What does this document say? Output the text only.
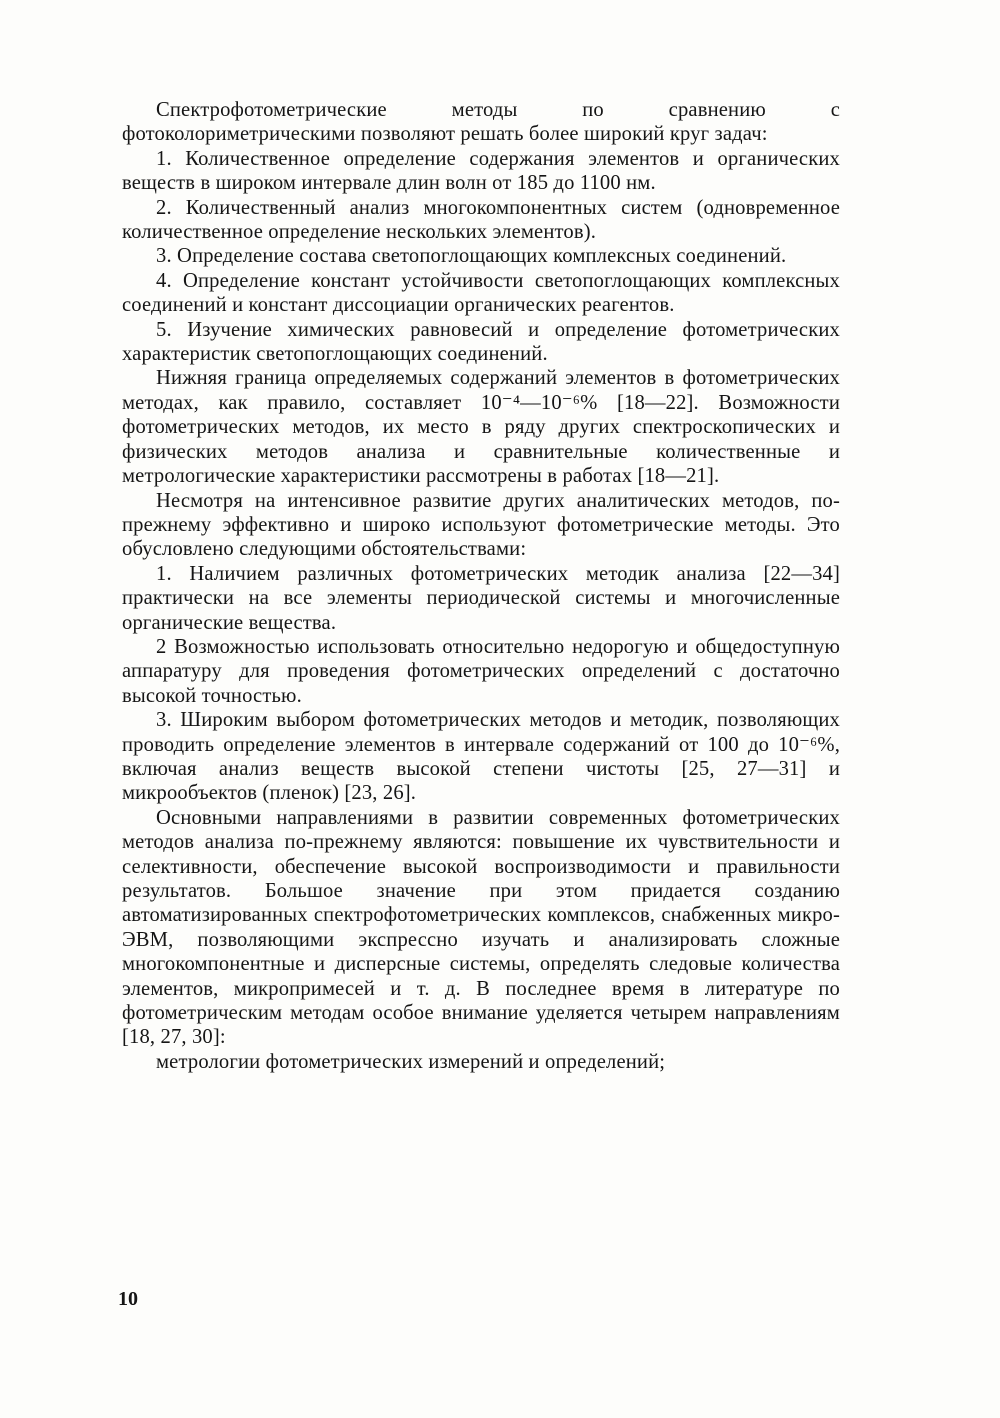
Спектрофотометрические методы по сравнению с фотоколориметрическими позволяют решать более широкий круг задач:

1. Количественное определение содержания элементов и органических веществ в широком интервале длин волн от 185 до 1100 нм.

2. Количественный анализ многокомпонентных систем (одновременное количественное определение нескольких элементов).

3. Определение состава светопоглощающих комплексных соединений.

4. Определение констант устойчивости светопоглощающих комплексных соединений и констант диссоциации органических реагентов.

5. Изучение химических равновесий и определение фотометрических характеристик светопоглощающих соединений.

Нижняя граница определяемых содержаний элементов в фотометрических методах, как правило, составляет 10⁻⁴—10⁻⁶% [18—22]. Возможности фотометрических методов, их место в ряду других спектроскопических и физических методов анализа и сравнительные количественные и метрологические характеристики рассмотрены в работах [18—21].

Несмотря на интенсивное развитие других аналитических методов, по-прежнему эффективно и широко используют фотометрические методы. Это обусловлено следующими обстоятельствами:

1. Наличием различных фотометрических методик анализа [22—34] практически на все элементы периодической системы и многочисленные органические вещества.

2 Возможностью использовать относительно недорогую и общедоступную аппаратуру для проведения фотометрических определений с достаточно высокой точностью.

3. Широким выбором фотометрических методов и методик, позволяющих проводить определение элементов в интервале содержаний от 100 до 10⁻⁶%, включая анализ веществ высокой степени чистоты [25, 27—31] и микрообъектов (пленок) [23, 26].

Основными направлениями в развитии современных фотометрических методов анализа по-прежнему являются: повышение их чувствительности и селективности, обеспечение высокой воспроизводимости и правильности результатов. Большое значение при этом придается созданию автоматизированных спектрофотометрических комплексов, снабженных микро-ЭВМ, позволяющими экспрессно изучать и анализировать сложные многокомпонентные и дисперсные системы, определять следовые количества элементов, микропримесей и т. д. В последнее время в литературе по фотометрическим методам особое внимание уделяется четырем направлениям [18, 27, 30]:

метрологии фотометрических измерений и определений;

10
